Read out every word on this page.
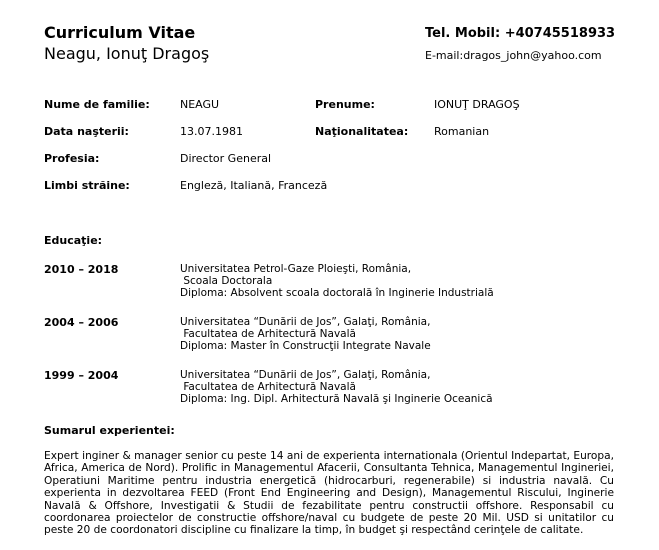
Curriculum Vitae
Neagu, Ionuţ Dragoş
Tel. Mobil: +40745518933
E-mail:dragos_john@yahoo.com
Nume de familie:	NEAGU	Prenume:	IONUŢ DRAGOŞ
Data naşterii:	13.07.1981	Naţionalitatea: Romanian
Profesia:	Director General
Limbi străine:	Engleză, Italiană, Franceză
Educaţie:
2010 – 2018	Universitatea Petrol-Gaze Ploieşti, România,
Scoala Doctorala
Diploma: Absolvent scoala doctorală în Inginerie Industrială
2004 – 2006	Universitatea “Dunării de Jos”, Galaţi, România,
Facultatea de Arhitectură Navală
Diploma: Master în Construcţii Integrate Navale
1999 – 2004	Universitatea “Dunării de Jos”, Galaţi, România,
Facultatea de Arhitectură Navală
Diploma: Ing. Dipl. Arhitectură Navală şi Inginerie Oceanică
Sumarul experientei:
Expert inginer & manager senior cu peste 14 ani de experienta internationala (Orientul Indepartat, Europa, Africa, America de Nord). Prolific in Managementul Afacerii, Consultanta Tehnica, Managementul Ingineriei, Operatiuni Maritime pentru industria energetică (hidrocarburi, regenerabile) si industria navală. Cu experienta in dezvoltarea FEED (Front End Engineering and Design), Managementul Riscului, Inginerie Navală & Offshore, Investigatii & Studii de fezabilitate pentru constructii offshore. Responsabil cu coordonarea proiectelor de constructie offshore/naval cu budgete de peste 20 Mil. USD si unitatilor cu peste 20 de coordonatori discipline cu finalizare la timp, în budget şi respectând cerinţele de calitate.
